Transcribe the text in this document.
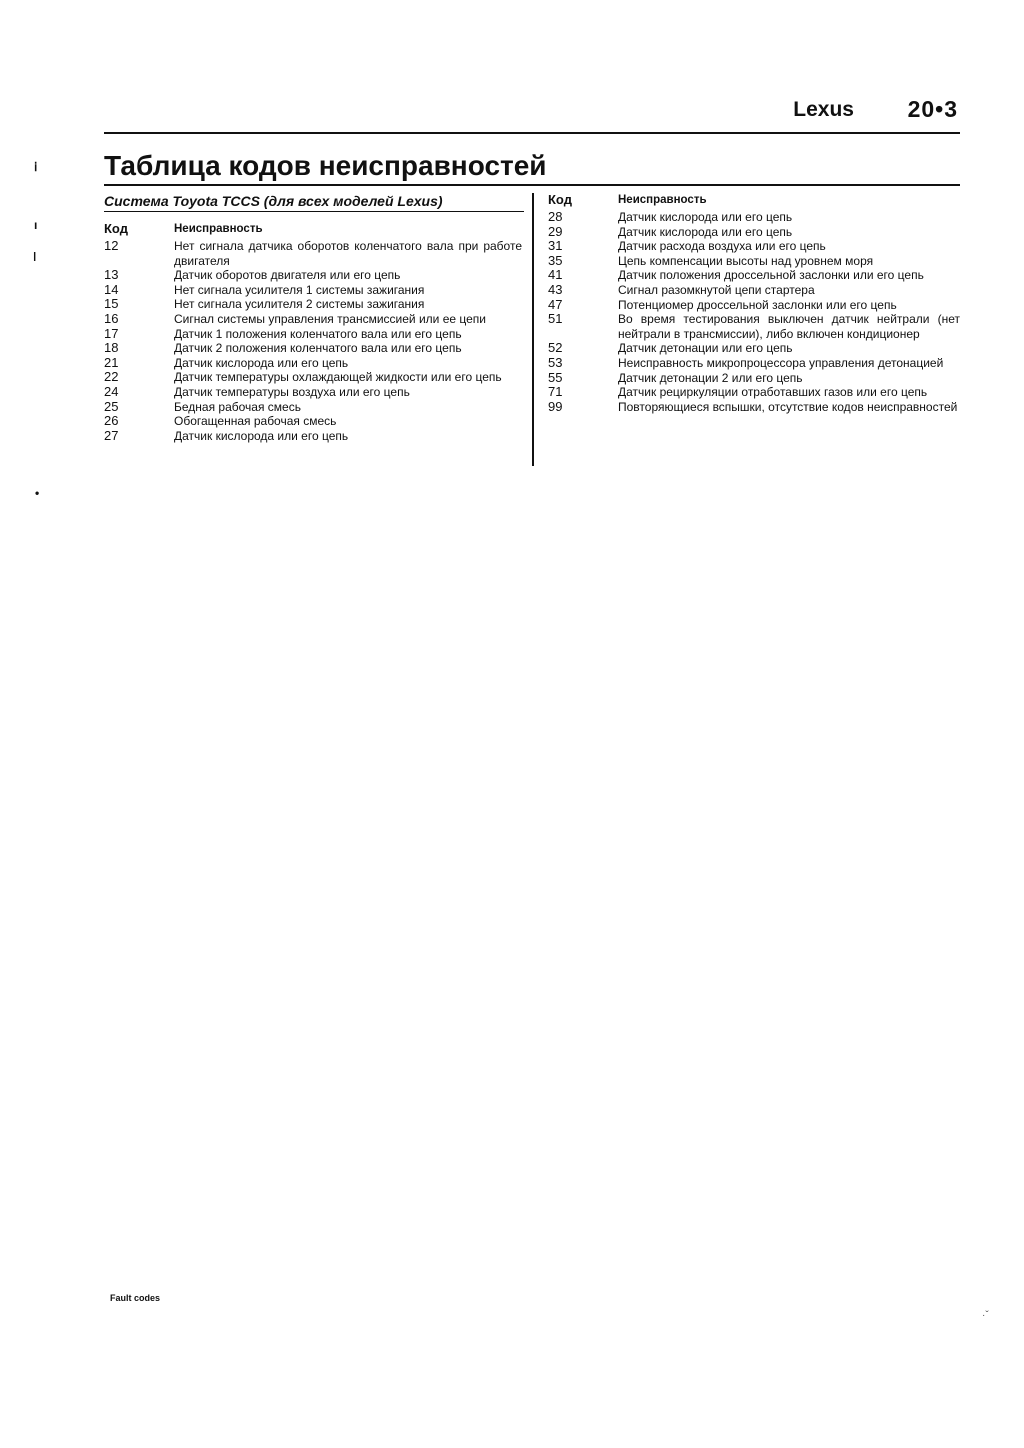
Lexus 20•3
ⅰ
ı
ǀ
•
Таблица кодов неисправностей
Система Toyota TCCS (для всех моделей Lexus)
Код	Неисправность
12	Нет сигнала датчика оборотов коленчатого вала при работе двигателя
13	Датчик оборотов двигателя или его цепь
14	Нет сигнала усилителя 1 системы зажигания
15	Нет сигнала усилителя 2 системы зажигания
16	Сигнал системы управления трансмиссией или ее цепи
17	Датчик 1 положения коленчатого вала или его цепь
18	Датчик 2 положения коленчатого вала или его цепь
21	Датчик кислорода или его цепь
22	Датчик температуры охлаждающей жидкости или его цепь
24	Датчик температуры воздуха или его цепь
25	Бедная рабочая смесь
26	Обогащенная рабочая смесь
27	Датчик кислорода или его цепь
Код	Неисправность
28	Датчик кислорода или его цепь
29	Датчик кислорода или его цепь
31	Датчик расхода воздуха или его цепь
35	Цепь компенсации высоты над уровнем моря
41	Датчик положения дроссельной заслонки или его цепь
43	Сигнал разомкнутой цепи стартера
47	Потенциомер дроссельной заслонки или его цепь
51	Во время тестирования выключен датчик нейтрали (нет нейтрали в трансмиссии), либо включен кондиционер
52	Датчик детонации или его цепь
53	Неисправность микропроцессора управления детонацией
55	Датчик детонации 2 или его цепь
71	Датчик рециркуляции отработавших газов или его цепь
99	Повторяющиеся вспышки, отсутствие кодов неисправностей
Fault codes
·ˇ
